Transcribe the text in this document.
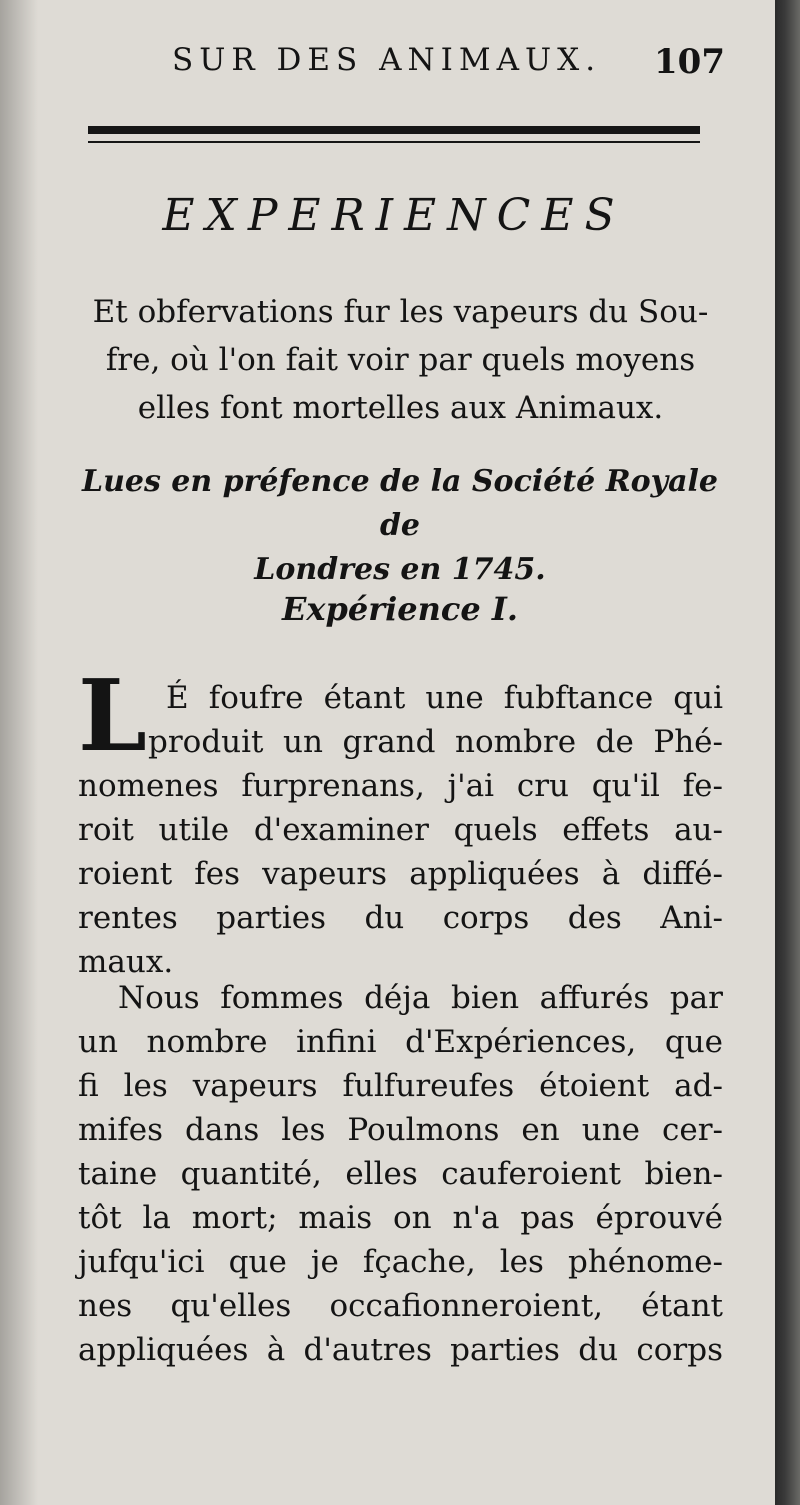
SUR DES ANIMAUX. 107
EXPERIENCES
Et obfervations fur les vapeurs du Sou-
fre, où l'on fait voir par quels moyens
elles font mortelles aux Animaux.
Lues en préfence de la Société Royale de
Londres en 1745.
Expérience I.
L É foufre étant une fubftance qui
produit un grand nombre de Phé-
nomenes furprenans, j'ai cru qu'il fe-
roit utile d'examiner quels effets au-
roient fes vapeurs appliquées à diffé-
rentes parties du corps des Ani-
maux.
Nous fommes déja bien affurés par
un nombre infini d'Expériences, que
fi les vapeurs fulfureufes étoient ad-
mifes dans les Poulmons en une cer-
taine quantité, elles cauferoient bien-
tôt la mort; mais on n'a pas éprouvé
jufqu'ici que je fçache, les phénome-
nes qu'elles occafionneroient, étant
appliquées à d'autres parties du corps
